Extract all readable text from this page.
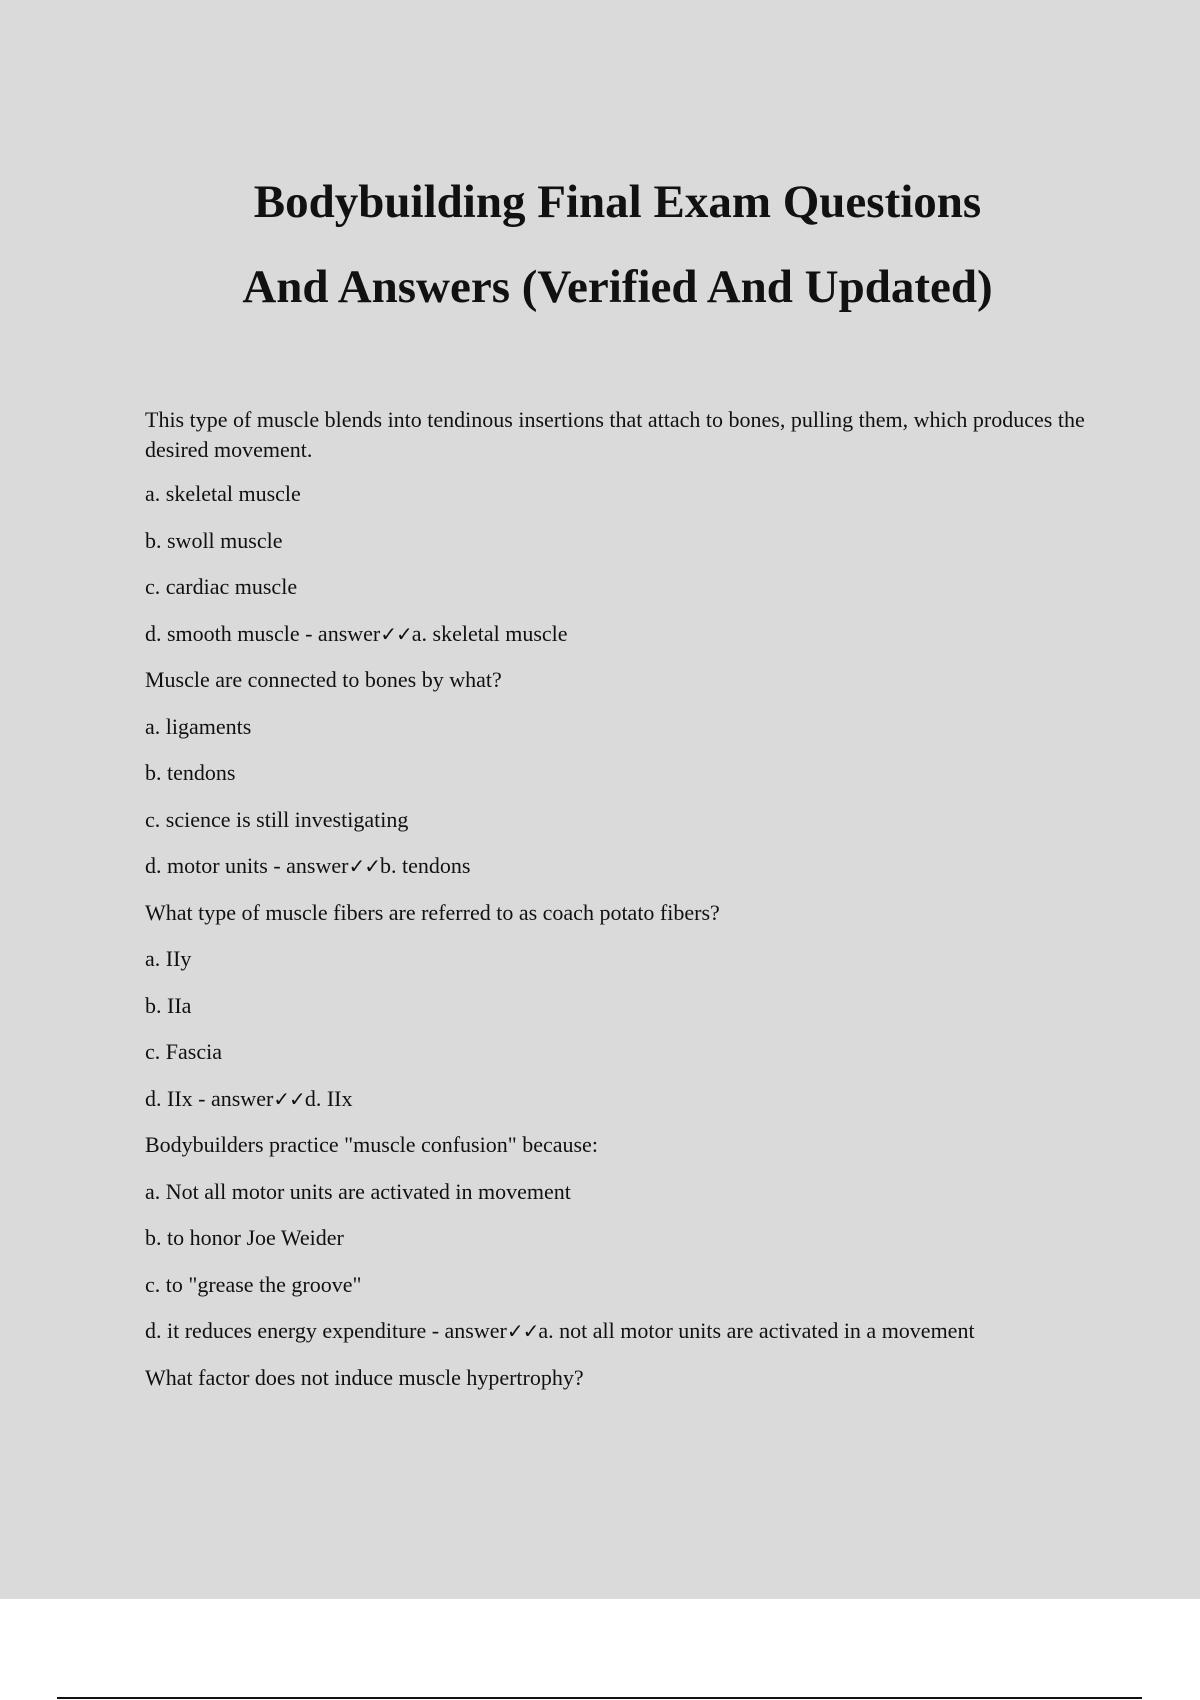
Bodybuilding Final Exam Questions
And Answers (Verified And Updated)
This type of muscle blends into tendinous insertions that attach to bones, pulling them, which produces the desired movement.
a. skeletal muscle
b. swoll muscle
c. cardiac muscle
d. smooth muscle - answer✓✓a. skeletal muscle
Muscle are connected to bones by what?
a. ligaments
b. tendons
c. science is still investigating
d. motor units - answer✓✓b. tendons
What type of muscle fibers are referred to as coach potato fibers?
a. IIy
b. IIa
c. Fascia
d. IIx - answer✓✓d. IIx
Bodybuilders practice "muscle confusion" because:
a. Not all motor units are activated in movement
b. to honor Joe Weider
c. to "grease the groove"
d. it reduces energy expenditure - answer✓✓a. not all motor units are activated in a movement
What factor does not induce muscle hypertrophy?
